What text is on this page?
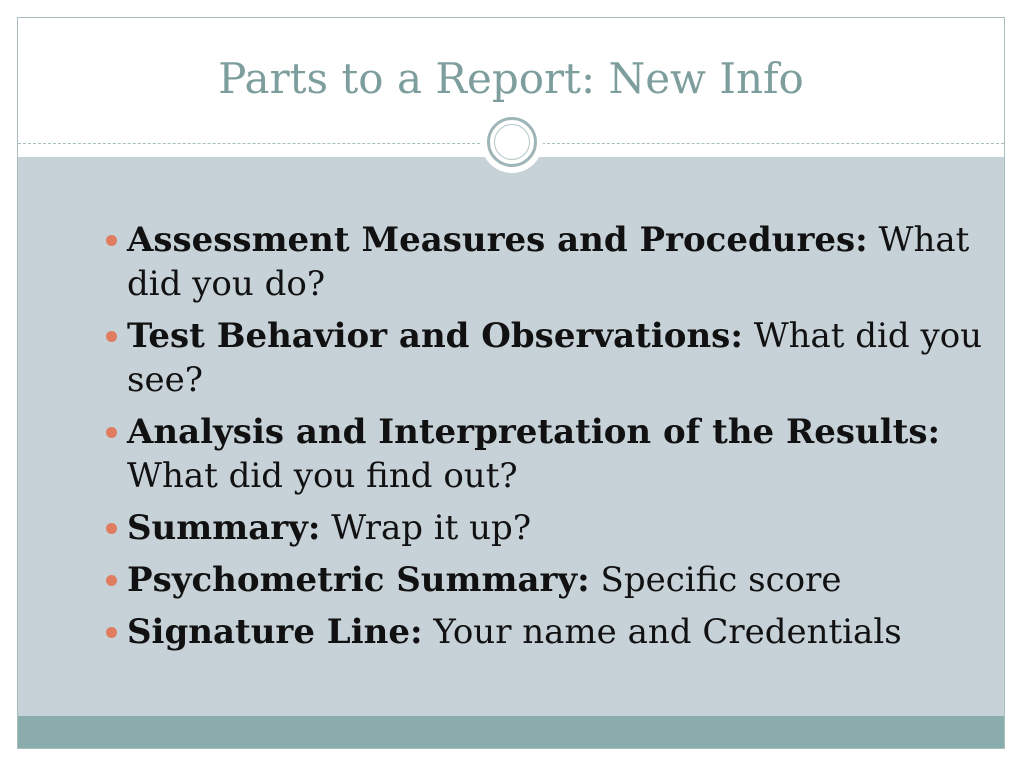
Parts to a Report: New Info
Assessment Measures and Procedures: What did you do?
Test Behavior and Observations: What did you see?
Analysis and Interpretation of the Results: What did you find out?
Summary: Wrap it up?
Psychometric Summary: Specific score
Signature Line: Your name and Credentials
